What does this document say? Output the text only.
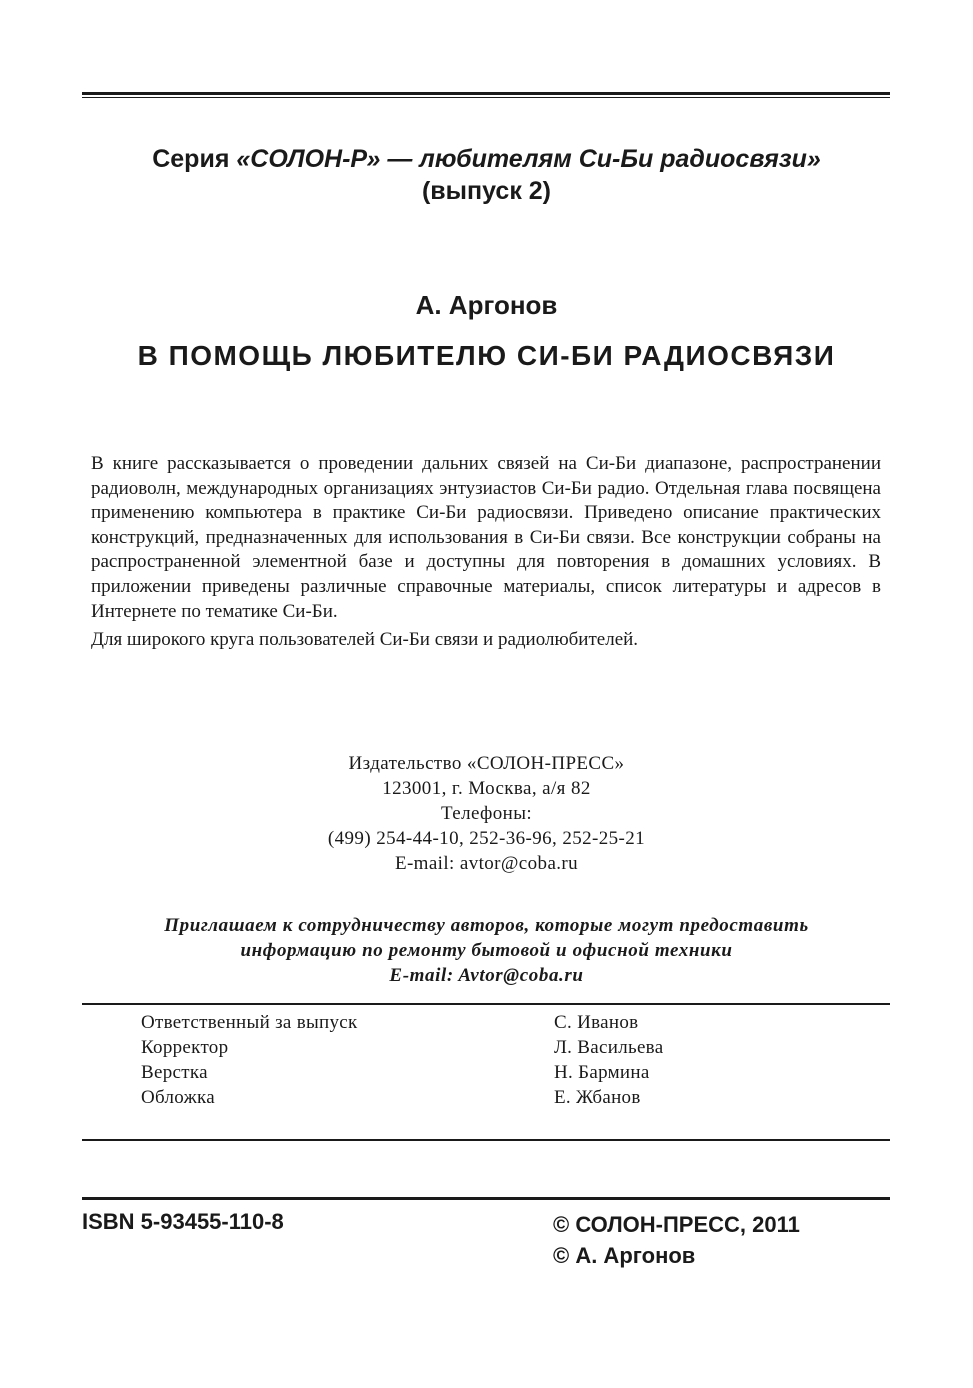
Серия «СОЛОН-Р» — любителям Си-Би радиосвязи»
(выпуск 2)
А. Аргонов
В ПОМОЩЬ ЛЮБИТЕЛЮ СИ-БИ РАДИОСВЯЗИ

В книге рассказывается о проведении дальних связей на Си-Би диапазоне, распространении радиоволн, международных организациях энтузиастов Си-Би радио. Отдельная глава посвящена применению компьютера в практике Си-Би радиосвязи. Приведено описание практических конструкций, предназначенных для использования в Си-Би связи. Все конструкции собраны на распространенной элементной базе и доступны для повторения в домашних условиях. В приложении приведены различные справочные материалы, список литературы и адресов в Интернете по тематике Си-Би.

Для широкого круга пользователей Си-Би связи и радиолюбителей.

Издательство «СОЛОН-ПРЕСС»
123001, г. Москва, а/я 82
Телефоны:
(499) 254-44-10, 252-36-96, 252-25-21
E-mail: avtor@coba.ru
Приглашаем к сотрудничеству авторов, которые могут предоставить
информацию по ремонту бытовой и офисной техники
E-mail: Avtor@coba.ru
Ответственный за выпуск	С. Иванов
Корректор	Л. Васильева
Верстка	Н. Бармина
Обложка	Е. Жбанов
ISBN 5-93455-110-8	© СОЛОН-ПРЕСС, 2011
© А. Аргонов
